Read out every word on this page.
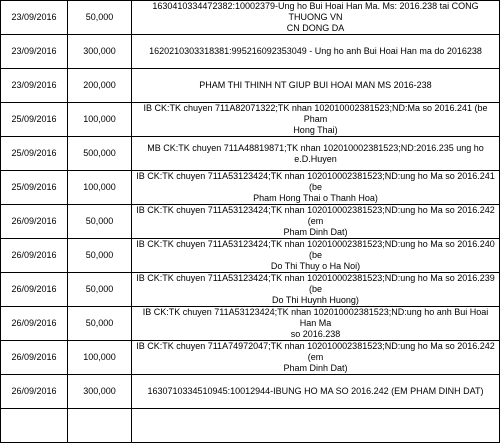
23/09/2016	50,000	1630410334472382:10002379-Ung ho Bui Hoai Han Ma. Ms: 2016.238 tai CONG THUONG VN
CN DONG DA

23/09/2016	300,000	1620210303318381:995216092353049 - Ung ho anh Bui Hoai Han ma do 2016238

23/09/2016	200,000	PHAM THI THINH NT GIUP BUI HOAI MAN MS 2016-238

25/09/2016	100,000	IB CK:TK chuyen 711A82071322;TK nhan 102010002381523;ND:Ma so 2016.241 (be Pham
Hong Thai)

25/09/2016	500,000	MB CK:TK chuyen 711A48819871;TK nhan 102010002381523;ND:2016.235 ung ho e.D.Huyen

25/09/2016	100,000	IB CK:TK chuyen 711A53123424;TK nhan 102010002381523;ND:ung ho Ma so 2016.241 (be
Pham Hong Thai o Thanh Hoa)

26/09/2016	50,000	IB CK:TK chuyen 711A53123424;TK nhan 102010002381523;ND:ung ho Ma so 2016.242 (em
Pham Dinh Dat)

26/09/2016	50,000	IB CK:TK chuyen 711A53123424;TK nhan 102010002381523;ND:ung ho Ma so 2016.240 (be
Do Thi Thuy o Ha Noi)

26/09/2016	50,000	IB CK:TK chuyen 711A53123424;TK nhan 102010002381523;ND:ung ho Ma so 2016.239 (be
Do Thi Huynh Huong)

26/09/2016	50,000	IB CK:TK chuyen 711A53123424;TK nhan 102010002381523;ND:ung ho anh Bui Hoai Han Ma
so 2016.238

26/09/2016	100,000	IB CK:TK chuyen 711A74972047;TK nhan 102010002381523;ND:ung ho Ma so 2016.242 (em
Pham Dinh Dat)

26/09/2016	300,000	1630710334510945:10012944-IBUNG HO MA SO 2016.242 (EM PHAM DINH DAT)
